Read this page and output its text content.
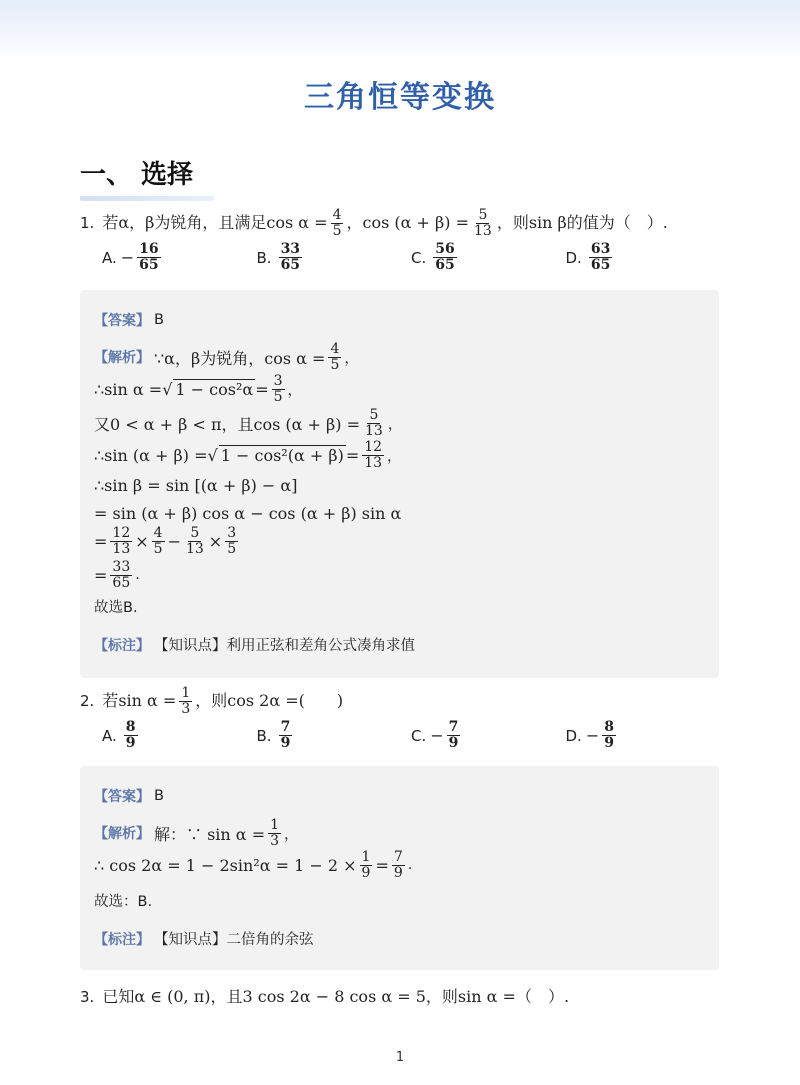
三角恒等变换
一、 选择
1. 若α，β为锐角，且满足$\cos \alpha = \frac{4}{5}$ ，$\cos (\alpha + \beta) = \frac{5}{13}$ ，则sin β的值为（　）.
A. − $\frac{16}{65}$	B. $\frac{33}{65}$	C. $\frac{56}{65}$	D. $\frac{63}{65}$
【答案】 B
【解析】 ∵α，β为锐角，$\cos \alpha = \frac{4}{5}$ ，
∴sin α = √ $1 - \cos^2\alpha = \frac{3}{5}$ ，
又0 < α + β < π，且$\cos (\alpha + \beta) = \frac{5}{13}$ ，
∴sin (α + β) = √ $1 - \cos^2(\alpha + \beta) = \frac{12}{13}$ ，
∴sin β = sin [(α + β) − α]
= sin (α + β) cos α − cos (α + β) sin α
= $\frac{12}{13} \times \frac{4}{5} - \frac{5}{13} \times \frac{3}{5}$
= $\frac{33}{65}$ .
故选B.
【标注】 【知识点】利用正弦和差角公式凑角求值
2. 若$\sin \alpha = \frac{1}{3}$ ，则cos 2α =(　　)
A. $\frac{8}{9}$	B. $\frac{7}{9}$	C. − $\frac{7}{9}$	D. − $\frac{8}{9}$
【答案】 B
【解析】 解：∵ $\sin \alpha = \frac{1}{3}$ ，
∴ $\cos 2\alpha = 1 - 2\sin^2\alpha = 1 - 2 \times \frac{1}{9} = \frac{7}{9}$ .
故选：B.
【标注】 【知识点】二倍角的余弦
3. 已知α ∈ (0, π)，且3 cos 2α − 8 cos α = 5，则sin α =（　）.
1
